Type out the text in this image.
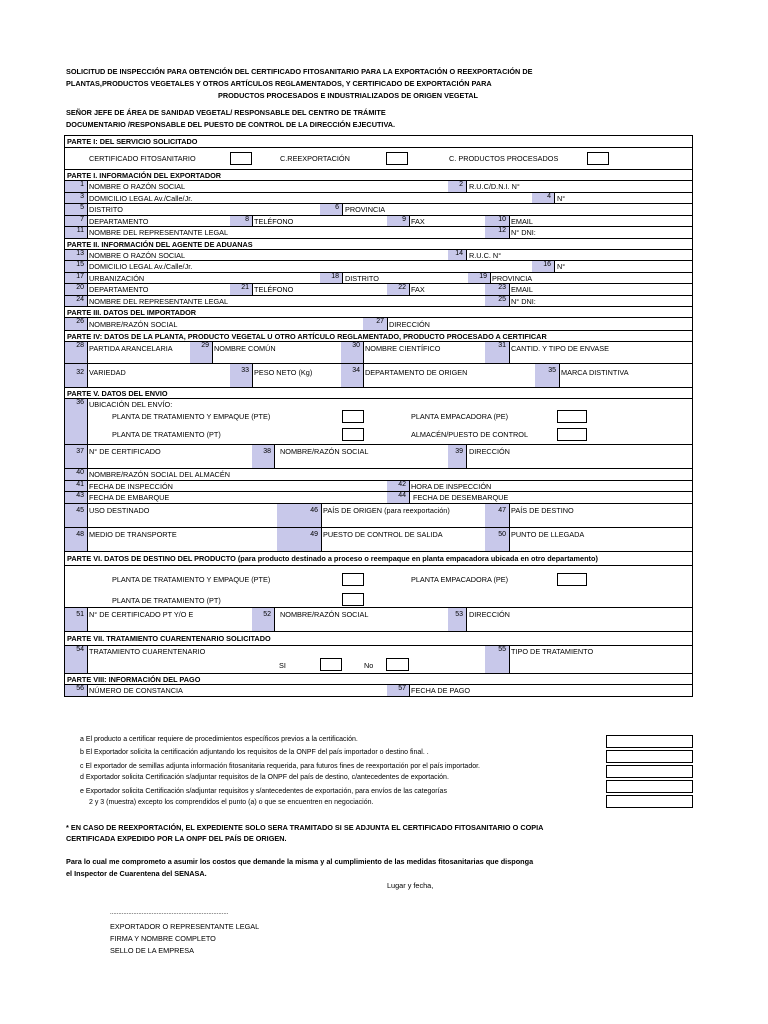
SOLICITUD DE INSPECCIÓN PARA OBTENCIÓN DEL CERTIFICADO FITOSANITARIO PARA LA EXPORTACIÓN O REEXPORTACIÓN DE
PLANTAS,PRODUCTOS VEGETALES Y OTROS ARTÍCULOS REGLAMENTADOS, Y CERTIFICADO DE EXPORTACIÓN PARA
PRODUCTOS PROCESADOS E INDUSTRIALIZADOS DE ORIGEN VEGETAL
SEÑOR JEFE DE ÁREA DE SANIDAD VEGETAL/ RESPONSABLE DEL CENTRO DE TRÁMITE
DOCUMENTARIO /RESPONSABLE DEL PUESTO DE CONTROL DE LA DIRECCIÓN EJECUTIVA.
PARTE I: DEL SERVICIO SOLICITADO
CERTIFICADO FITOSANITARIO	C.REEXPORTACIÓN	C. PRODUCTOS PROCESADOS
PARTE I. INFORMACIÓN DEL EXPORTADOR
1 NOMBRE O RAZÓN SOCIAL	2 R.U.C/D.N.I. N°
3 DOMICILIO LEGAL Av./Calle/Jr.	4 N°
5 DISTRITO	6 PROVINCIA
7 DEPARTAMENTO	8 TELÉFONO	9 FAX	10 EMAIL
11 NOMBRE DEL REPRESENTANTE LEGAL	12 N° DNI:
PARTE II. INFORMACIÓN DEL AGENTE DE ADUANAS
13 NOMBRE O RAZÓN SOCIAL	14 R.U.C. N°
15 DOMICILIO LEGAL Av./Calle/Jr.	16 N°
17 URBANIZACIÓN	18 DISTRITO	19 PROVINCIA
20 DEPARTAMENTO	21 TELÉFONO	22 FAX	23 EMAIL
24 NOMBRE DEL REPRESENTANTE LEGAL	25 N° DNI:
PARTE III. DATOS DEL IMPORTADOR
26 NOMBRE/RAZÓN SOCIAL	27 DIRECCIÓN
PARTE IV: DATOS DE LA PLANTA, PRODUCTO VEGETAL U OTRO ARTÍCULO REGLAMENTADO, PRODUCTO PROCESADO A CERTIFICAR
28 PARTIDA ARANCELARIA	29 NOMBRE COMÚN	30 NOMBRE CIENTÍFICO	31 CANTID. Y TIPO DE ENVASE
32 VARIEDAD	33 PESO NETO (Kg)	34 DEPARTAMENTO DE ORIGEN	35 MARCA DISTINTIVA
PARTE V. DATOS DEL ENVIO
36 UBICACIÓN DEL ENVÍO:
PLANTA DE TRATAMIENTO Y EMPAQUE (PTE)	PLANTA EMPACADORA (PE)
PLANTA DE TRATAMIENTO (PT)	ALMACÉN/PUESTO DE CONTROL
37 N° DE CERTIFICADO	38	NOMBRE/RAZÓN SOCIAL	39 DIRECCIÓN
40 NOMBRE/RAZÓN SOCIAL DEL ALMACÉN
41 FECHA DE INSPECCIÓN	42 HORA DE INSPECCIÓN
43 FECHA DE EMBARQUE	44 FECHA DE DESEMBARQUE
45 USO DESTINADO	46 PAÍS DE ORIGEN (para reexportación)	47 PAÍS DE DESTINO
48 MEDIO DE TRANSPORTE	49 PUESTO DE CONTROL DE SALIDA	50 PUNTO DE LLEGADA
PARTE VI. DATOS DE DESTINO DEL PRODUCTO (para producto destinado a proceso o reempaque en planta empacadora ubicada en otro departamento)
PLANTA DE TRATAMIENTO Y EMPAQUE (PTE)	PLANTA EMPACADORA (PE)
PLANTA DE TRATAMIENTO (PT)
51 N° DE CERTIFICADO PT Y/O E	52	NOMBRE/RAZÓN SOCIAL	53 DIRECCIÓN
PARTE VII. TRATAMIENTO CUARENTENARIO SOLICITADO
54 TRATAMIENTO CUARENTENARIO
SI	No
55 TIPO DE TRATAMIENTO
PARTE VIII: INFORMACIÓN DEL PAGO
56 NÚMERO DE CONSTANCIA	57 FECHA DE PAGO
a El producto a certificar requiere de procedimientos específicos previos a la certificación.
b El Exportador solicita la certificación adjuntando los requisitos de la ONPF del país importador o destino final. .
c El exportador de semillas adjunta información fitosanitaria requerida, para futuros fines de reexportación por el país importador.
d Exportador solicita Certificación s/adjuntar requisitos de la ONPF del país de destino, c/antecedentes de exportación.
e Exportador solicita Certificación s/adjuntar requisitos y s/antecedentes de exportación, para envíos de las categorías
2 y 3 (muestra) excepto los comprendidos el punto (a) o que se encuentren en negociación.
* EN CASO DE REEXPORTACIÓN, EL EXPEDIENTE SOLO SERA TRAMITADO SI SE ADJUNTA EL CERTIFICADO FITOSANITARIO O COPIA
CERTIFICADA EXPEDIDO POR LA ONPF DEL PAÍS DE ORIGEN.
Para lo cual me comprometo a asumir los costos que demande la misma y al cumplimiento de las medidas fitosanitarias que disponga
el Inspector de Cuarentena del SENASA.
Lugar y fecha,
.......................................................................
EXPORTADOR O REPRESENTANTE LEGAL
FIRMA Y NOMBRE COMPLETO
SELLO DE LA EMPRESA
